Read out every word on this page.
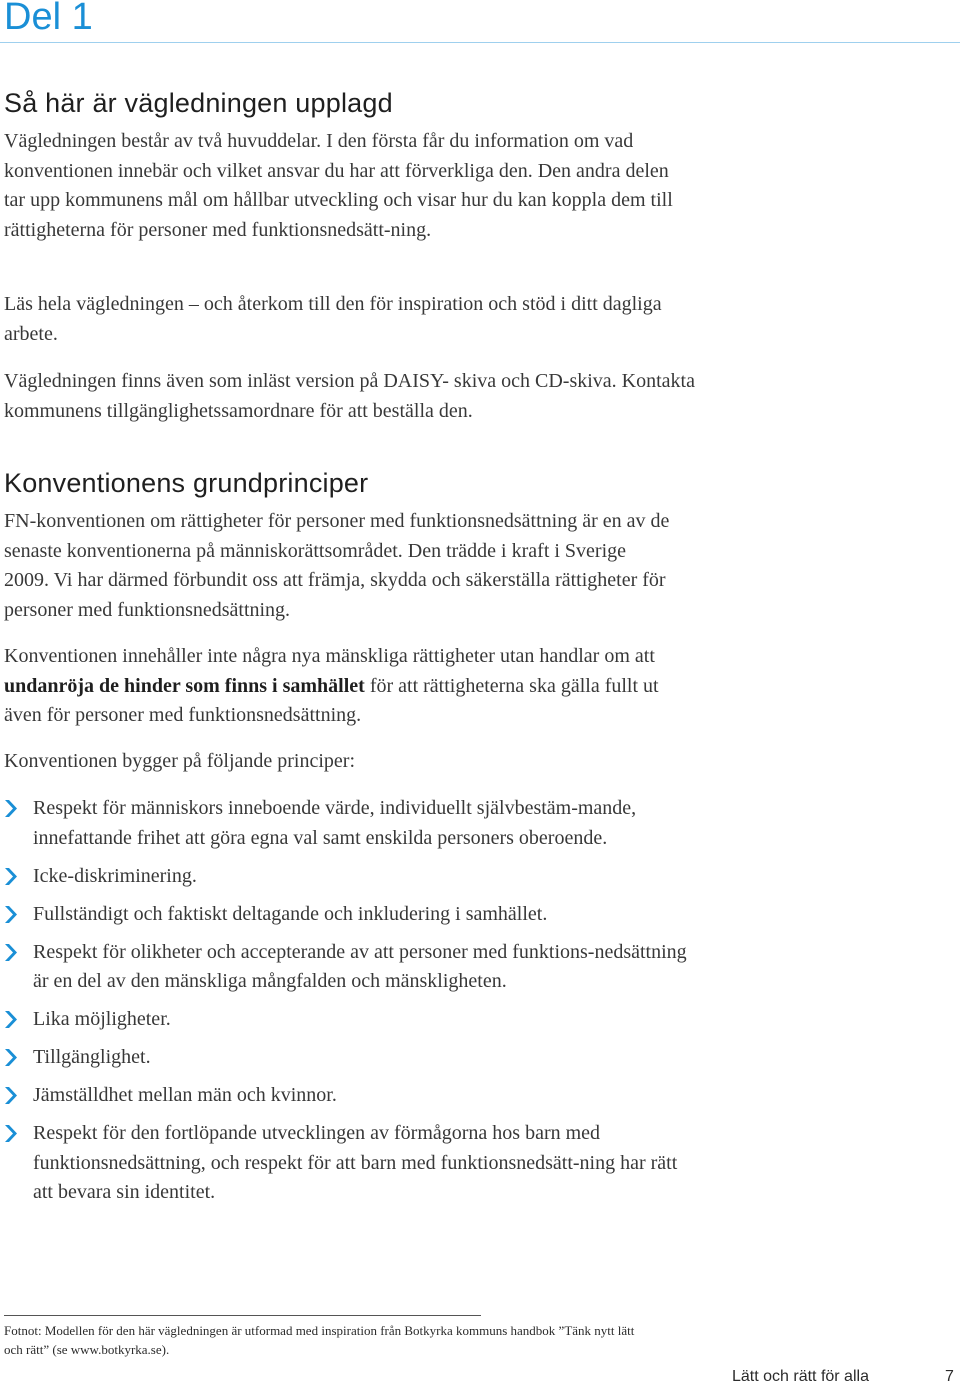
Del 1
Så här är vägledningen upplagd

Vägledningen består av två huvuddelar. I den första får du information om vad konventionen innebär och vilket ansvar du har att förverkliga den. Den andra delen tar upp kommunens mål om hållbar utveckling och visar hur du kan koppla dem till rättigheterna för personer med funktionsnedsätt-ning.

Läs hela vägledningen – och återkom till den för inspiration och stöd i ditt dagliga arbete.

Vägledningen finns även som inläst version på DAISY- skiva och CD-skiva. Kontakta kommunens tillgänglighetssamordnare för att beställa den.

Konventionens grundprinciper

FN-konventionen om rättigheter för personer med funktionsnedsättning är en av de senaste konventionerna på människorättsområdet. Den trädde i kraft i Sverige 2009. Vi har därmed förbundit oss att främja, skydda och säkerställa rättigheter för personer med funktionsnedsättning.

Konventionen innehåller inte några nya mänskliga rättigheter utan handlar om att undanröja de hinder som finns i samhället för att rättigheterna ska gälla fullt ut även för personer med funktionsnedsättning.

Konventionen bygger på följande principer:

Respekt för människors inneboende värde, individuellt självbestäm-mande, innefattande frihet att göra egna val samt enskilda personers oberoende.
Icke-diskriminering.
Fullständigt och faktiskt deltagande och inkludering i samhället.
Respekt för olikheter och accepterande av att personer med funktions-nedsättning är en del av den mänskliga mångfalden och mänskligheten.
Lika möjligheter.
Tillgänglighet.
Jämställdhet mellan män och kvinnor.
Respekt för den fortlöpande utvecklingen av förmågorna hos barn med funktionsnedsättning, och respekt för att barn med funktionsnedsätt-ning har rätt att bevara sin identitet.

Fotnot: Modellen för den här vägledningen är utformad med inspiration från Botkyrka kommuns handbok ”Tänk nytt lätt och rätt” (se www.botkyrka.se).

Lätt och rätt för alla	7
